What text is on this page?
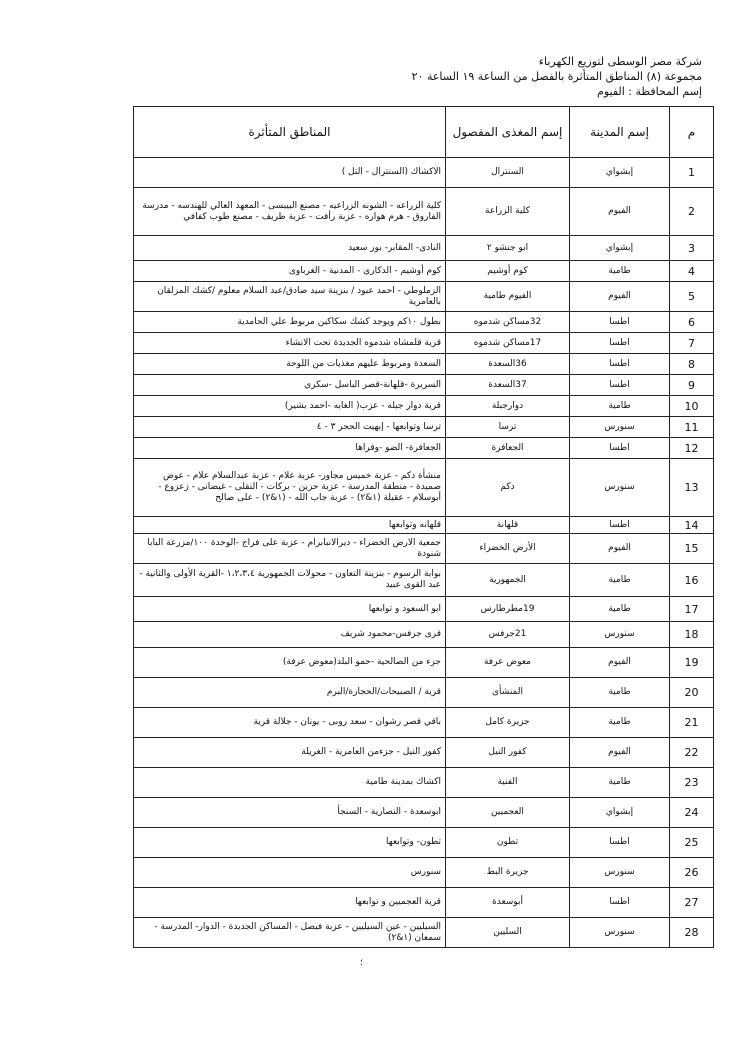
شركة مصر الوسطى لتوزيع الكهرباء
مجموعة (٨) المناطق المتأثرة بالفصل من الساعة ١٩ الساعة ٢٠
إسم المحافظة : الفيوم
م	إسم المدينة	إسم المغذى المفصول	المناطق المتأثرة
1	إبشواي	السنترال	الاكشاك (السنترال - التل )
2	الفيوم	كلية الزراعة	كلية الزراعه - الشونه الزراعيه - مصنع البيبسى - المعهد العالي للهندسه - مدرسة الفاروق - هرم هواره - عزبة رأفت - عزبة ظريف - مصنع طوب كفافي
3	إبشواي	ابو جنشو ٢	النادى- المقابر- بور سعيد
4	طامية	كوم أوشيم	كوم أوشيم - الدكارى - المدنية - الغرباوى
5	الفيوم	الفيوم طامية	الزملوطي - احمد عبود / بنزينة سيد صادق/عبد السلام معلوم /كشك المزلقان بالعامرية
6	اطسا	32مساكن شدموه	بطول ١٠كم ويوجد كشك سكاكين مربوط علي الحامدية
7	اطسا	17مساكن شدموه	قرية قلمشاه شدموه الجديدة تحت الانشاء
8	اطسا	36السعدة	السعدة ومربوط عليهم مغذيات من اللوحة
9	اطسا	37السعدة	السريرة -قلهانة-قصر الباسل -سكري
10	طامية	دوارجبلة	قرية دوار جبله - عزب( الغابه -احمد بشير)
11	سنورس	ترسا	ترسا وتوابعها - إبهيت الحجر ٣ - ٤
12	اطسا	الجعافرة	الجعافرة- الضو -وقراها
13	سنورس	دكم	منشأة دكم - عزبة خميس مجاور- عزبة علام - عزبة عبدالسلام علام - عوض صميدة - منطقة المدرسة - عزبة حزين - بركات - النقلى - غيضانى - زعزوع - أبوسلام - عقيلة (١&٢) - عزبة جاب الله - (١&٢) - على صالح
14	اطسا	قلهانة	قلهانه وتوابعها
15	الفيوم	الأرض الخضراء	جمعية الارض الخضراء - ديرالانبابرام - عزبة على فراج -الوحدة ١٠٠/مزرعة البابا شنودة
16	طامية	الجمهورية	بوابة الرسوم - بنزينة التعاون - محولات الجمهورية ١،٢،٣،٤ -القرية الأولى والثانية - عبد القوى عبيد
17	طامية	19مطرطارس	ابو السعود و توابعها
18	سنورس	21جرفس	قرى جرفس-محمود شريف
19	الفيوم	معوض عرفة	جزء من الصالحية -حمو البلد(معوض عرفة)
20	طامية	المنشأى	قرية / الصبيحات/الحجارة/البرم
21	طامية	جزيرة كامل	باقي قصر رشوان - سعد روبى - يونان - جلالة قرية
22	الفيوم	كفور النيل	كفور النيل - جزءمن العامرية - الغريلة
23	طامية	الفنية	اكشاك بمدينة طامية
24	إبشواي	العجميين	ابوسعدة - النصارية - السنجأ
25	اطسا	تطون	تطون- وتوابعها
26	سنورس	جزيرة البط	سنورس
27	اطسا	أبوسعدة	قرية العجميين و توابعها
28	سنورس	السليين	السيليين - عين السيليين - عزبة فيصل - المساكن الجديدة - الدوار- المدرسة - سمعان (١&٢)
؛
